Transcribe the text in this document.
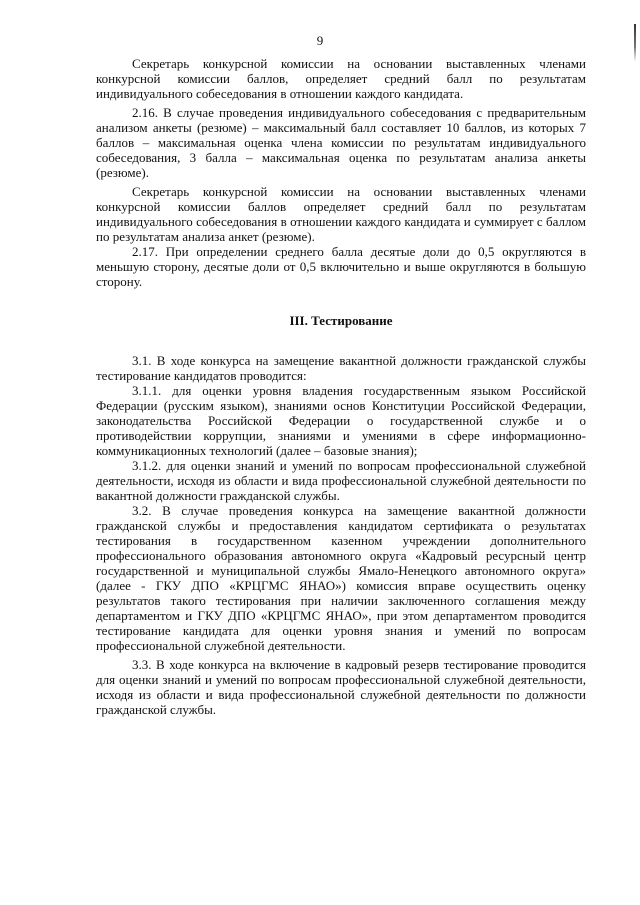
9

Секретарь конкурсной комиссии на основании выставленных членами конкурсной комиссии баллов, определяет средний балл по результатам индивидуального собеседования в отношении каждого кандидата.

2.16. В случае проведения индивидуального собеседования с предварительным анализом анкеты (резюме) – максимальный балл составляет 10 баллов, из которых 7 баллов – максимальная оценка члена комиссии по результатам индивидуального собеседования, 3 балла – максимальная оценка по результатам анализа анкеты (резюме).

Секретарь конкурсной комиссии на основании выставленных членами конкурсной комиссии баллов определяет средний балл по результатам индивидуального собеседования в отношении каждого кандидата и суммирует с баллом по результатам анализа анкет (резюме).

2.17. При определении среднего балла десятые доли до 0,5 округляются в меньшую сторону, десятые доли от 0,5 включительно и выше округляются в большую сторону.

III. Тестирование

3.1. В ходе конкурса на замещение вакантной должности гражданской службы тестирование кандидатов проводится:

3.1.1. для оценки уровня владения государственным языком Российской Федерации (русским языком), знаниями основ Конституции Российской Федерации, законодательства Российской Федерации о государственной службе и о противодействии коррупции, знаниями и умениями в сфере информационно-коммуникационных технологий (далее – базовые знания);

3.1.2. для оценки знаний и умений по вопросам профессиональной служебной деятельности, исходя из области и вида профессиональной служебной деятельности по вакантной должности гражданской службы.

3.2. В случае проведения конкурса на замещение вакантной должности гражданской службы и предоставления кандидатом сертификата о результатах тестирования в государственном казенном учреждении дополнительного профессионального образования автономного округа «Кадровый ресурсный центр государственной и муниципальной службы Ямало-Ненецкого автономного округа» (далее - ГКУ ДПО «КРЦГМС ЯНАО») комиссия вправе осуществить оценку результатов такого тестирования при наличии заключенного соглашения между департаментом и ГКУ ДПО «КРЦГМС ЯНАО», при этом департаментом проводится тестирование кандидата для оценки уровня знания и умений по вопросам профессиональной служебной деятельности.

3.3. В ходе конкурса на включение в кадровый резерв тестирование проводится для оценки знаний и умений по вопросам профессиональной служебной деятельности, исходя из области и вида профессиональной служебной деятельности по должности гражданской службы.
